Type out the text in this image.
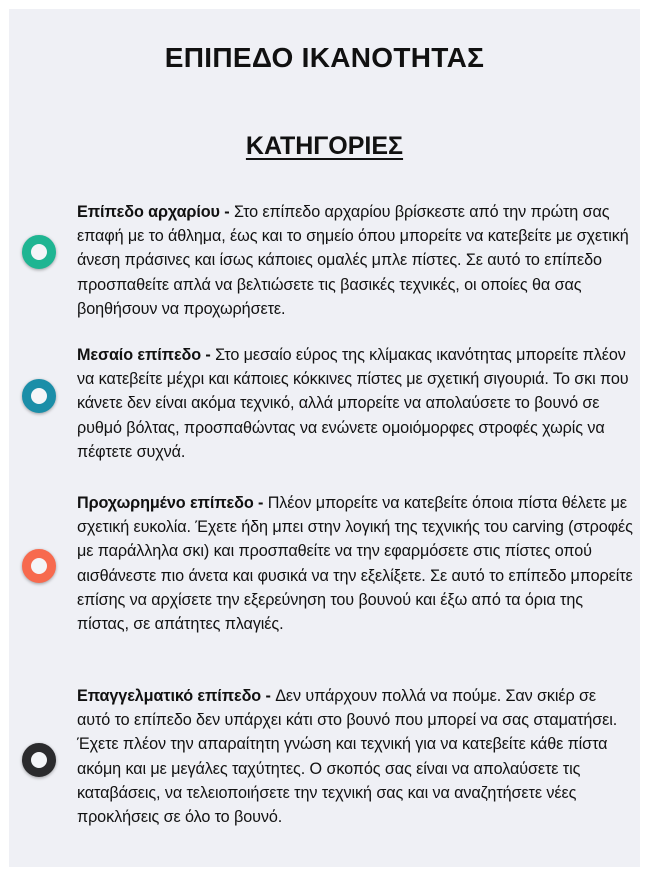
ΕΠΙΠΕΔΟ ΙΚΑΝΟΤΗΤΑΣ
ΚΑΤΗΓΟΡΙΕΣ
Επίπεδο αρχαρίου - Στο επίπεδο αρχαρίου βρίσκεστε από την πρώτη σας επαφή με το άθλημα, έως και το σημείο όπου μπορείτε να κατεβείτε με σχετική άνεση πράσινες και ίσως κάποιες ομαλές μπλε πίστες. Σε αυτό το επίπεδο προσπαθείτε απλά να βελτιώσετε τις βασικές τεχνικές, οι οποίες θα σας βοηθήσουν να προχωρήσετε.
Μεσαίο επίπεδο - Στο μεσαίο εύρος της κλίμακας ικανότητας μπορείτε πλέον να κατεβείτε μέχρι και κάποιες κόκκινες πίστες με σχετική σιγουριά. Το σκι που κάνετε δεν είναι ακόμα τεχνικό, αλλά μπορείτε να απολαύσετε το βουνό σε ρυθμό βόλτας, προσπαθώντας να ενώνετε ομοιόμορφες στροφές χωρίς να πέφτετε συχνά.
Προχωρημένο επίπεδο - Πλέον μπορείτε να κατεβείτε όποια πίστα θέλετε με σχετική ευκολία. Έχετε ήδη μπει στην λογική της τεχνικής του carving (στροφές με παράλληλα σκι) και προσπαθείτε να την εφαρμόσετε στις πίστες οπού αισθάνεστε πιο άνετα και φυσικά να την εξελίξετε. Σε αυτό το επίπεδο μπορείτε επίσης να αρχίσετε την εξερεύνηση του βουνού και έξω από τα όρια της πίστας, σε απάτητες πλαγιές.
Επαγγελματικό επίπεδο - Δεν υπάρχουν πολλά να πούμε. Σαν σκιέρ σε αυτό το επίπεδο δεν υπάρχει κάτι στο βουνό που μπορεί να σας σταματήσει. Έχετε πλέον την απαραίτητη γνώση και τεχνική για να κατεβείτε κάθε πίστα ακόμη και με μεγάλες ταχύτητες. Ο σκοπός σας είναι να απολαύσετε τις καταβάσεις, να τελειοποιήσετε την τεχνική σας και να αναζητήσετε νέες προκλήσεις σε όλο το βουνό.
